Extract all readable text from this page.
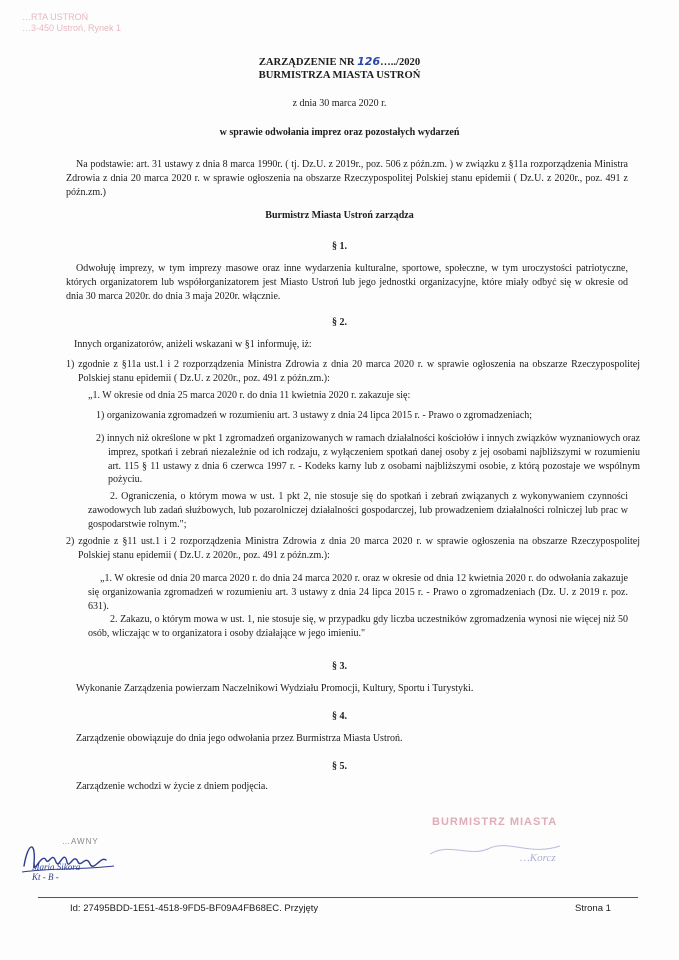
…RTA USTROŃ
…3-450 Ustroń, Rynek 1
ZARZĄDZENIE NR 126…../2020
BURMISTRZA MIASTA USTROŃ
z dnia 30 marca 2020 r.
w sprawie odwołania imprez oraz pozostałych wydarzeń
Na podstawie: art. 31 ustawy z dnia 8 marca 1990r. ( tj. Dz.U. z 2019r., poz. 506 z późn.zm. ) w związku z §11a rozporządzenia Ministra Zdrowia z dnia 20 marca 2020 r. w sprawie ogłoszenia na obszarze Rzeczypospolitej Polskiej stanu epidemii ( Dz.U. z 2020r., poz. 491 z późn.zm.)
Burmistrz Miasta Ustroń zarządza
§ 1.
Odwołuję imprezy, w tym imprezy masowe oraz inne wydarzenia kulturalne, sportowe, społeczne, w tym uroczystości patriotyczne, których organizatorem lub współorganizatorem jest Miasto Ustroń lub jego jednostki organizacyjne, które miały odbyć się w okresie od dnia 30 marca 2020r. do dnia 3 maja 2020r. włącznie.
§ 2.
Innych organizatorów, aniżeli wskazani w §1 informuję, iż:
1) zgodnie z §11a ust.1 i 2 rozporządzenia Ministra Zdrowia z dnia 20 marca 2020 r. w sprawie ogłoszenia na obszarze Rzeczypospolitej Polskiej stanu epidemii ( Dz.U. z 2020r., poz. 491 z późn.zm.):
„1. W okresie od dnia 25 marca 2020 r. do dnia 11 kwietnia 2020 r. zakazuje się:
1) organizowania zgromadzeń w rozumieniu art. 3 ustawy z dnia 24 lipca 2015 r. - Prawo o zgromadzeniach;
2) innych niż określone w pkt 1 zgromadzeń organizowanych w ramach działalności kościołów i innych związków wyznaniowych oraz imprez, spotkań i zebrań niezależnie od ich rodzaju, z wyłączeniem spotkań danej osoby z jej osobami najbliższymi w rozumieniu art. 115 § 11 ustawy z dnia 6 czerwca 1997 r. - Kodeks karny lub z osobami najbliższymi osobie, z którą pozostaje we wspólnym pożyciu.
2. Ograniczenia, o którym mowa w ust. 1 pkt 2, nie stosuje się do spotkań i zebrań związanych z wykonywaniem czynności zawodowych lub zadań służbowych, lub pozarolniczej działalności gospodarczej, lub prowadzeniem działalności rolniczej lub prac w gospodarstwie rolnym.";
2) zgodnie z §11 ust.1 i 2 rozporządzenia Ministra Zdrowia z dnia 20 marca 2020 r. w sprawie ogłoszenia na obszarze Rzeczypospolitej Polskiej stanu epidemii ( Dz.U. z 2020r., poz. 491 z późn.zm.):
„1. W okresie od dnia 20 marca 2020 r. do dnia 24 marca 2020 r. oraz w okresie od dnia 12 kwietnia 2020 r. do odwołania zakazuje się organizowania zgromadzeń w rozumieniu art. 3 ustawy z dnia 24 lipca 2015 r. - Prawo o zgromadzeniach (Dz. U. z 2019 r. poz. 631).
2. Zakazu, o którym mowa w ust. 1, nie stosuje się, w przypadku gdy liczba uczestników zgromadzenia wynosi nie więcej niż 50 osób, wliczając w to organizatora i osoby działające w jego imieniu."
§ 3.
Wykonanie Zarządzenia powierzam Naczelnikowi Wydziału Promocji, Kultury, Sportu i Turystyki.
§ 4.
Zarządzenie obowiązuje do dnia jego odwołania przez Burmistrza Miasta Ustroń.
§ 5.
Zarządzenie wchodzi w życie z dniem podjęcia.
…AWNY
Maria Sikora
Kt - B -
BURMISTRZ MIASTA
…Korcz
Id: 27495BDD-1E51-4518-9FD5-BF09A4FB68EC. Przyjęty	Strona 1
